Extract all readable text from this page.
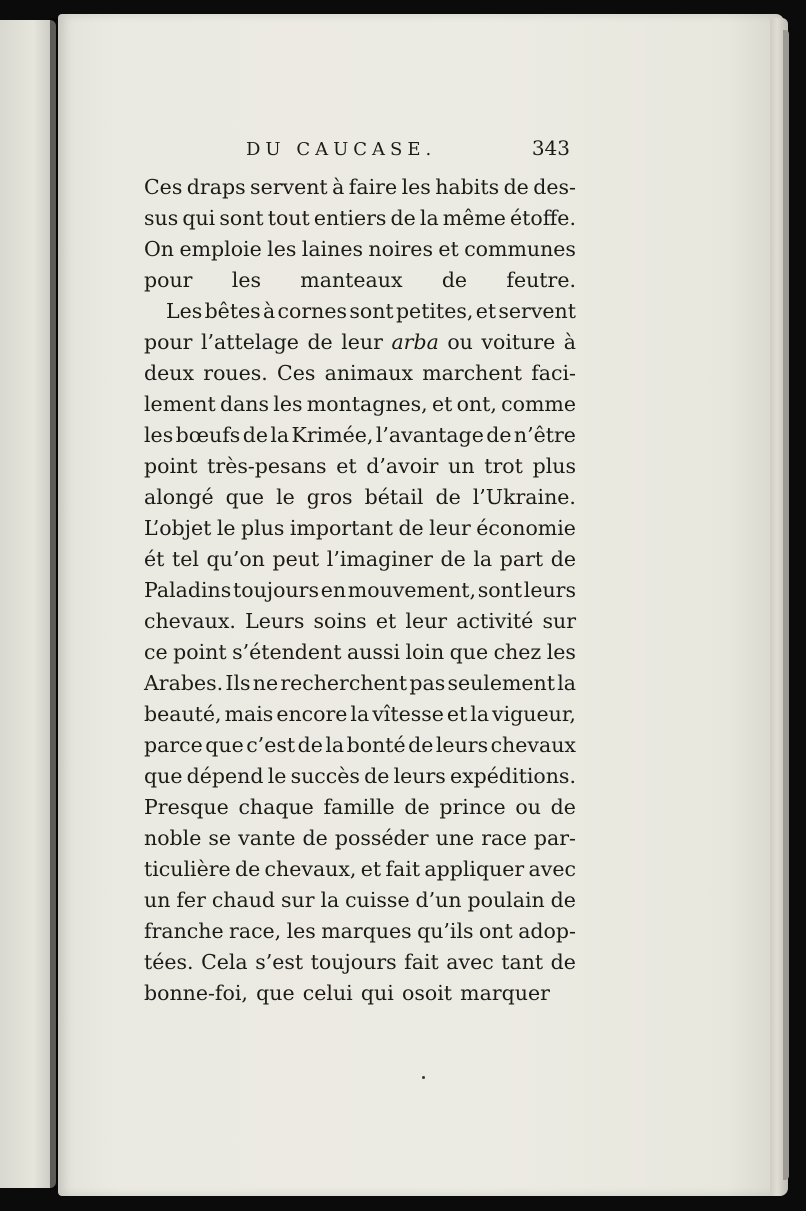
DU CAUCASE.	343
Ces draps servent à faire les habits de des-
sus qui sont tout entiers de la même étoffe.
On emploie les laines noires et communes
pour les manteaux de feutre.
Les bêtes à cornes sont petites, et servent
pour l’attelage de leur arba ou voiture à
deux roues. Ces animaux marchent faci-
lement dans les montagnes, et ont, comme
les bœufs de la Krimée, l’avantage de n’être
point très-pesans et d’avoir un trot plus
alongé que le gros bétail de l’Ukraine.
L’objet le plus important de leur économie
ét tel qu’on peut l’imaginer de la part de
Paladins toujours en mouvement, sont leurs
chevaux. Leurs soins et leur activité sur
ce point s’étendent aussi loin que chez les
Arabes. Ils ne recherchent pas seulement la
beauté, mais encore la vîtesse et la vigueur,
parce que c’est de la bonté de leurs chevaux
que dépend le succès de leurs expéditions.
Presque chaque famille de prince ou de
noble se vante de posséder une race par-
ticulière de chevaux, et fait appliquer avec
un fer chaud sur la cuisse d’un poulain de
franche race, les marques qu’ils ont adop-
tées. Cela s’est toujours fait avec tant de
bonne-foi, que celui qui osoit marquer
